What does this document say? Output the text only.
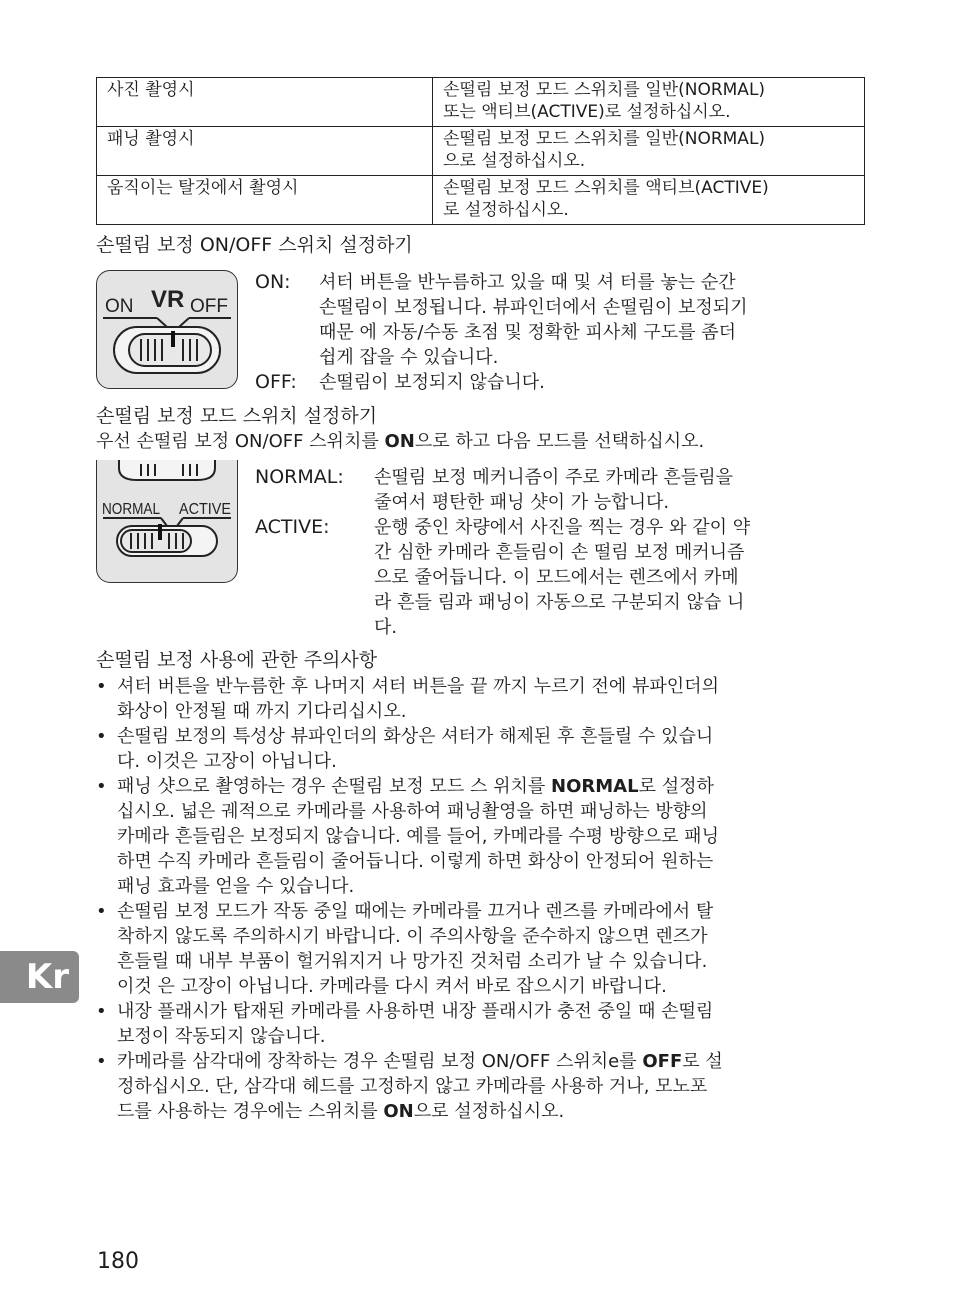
사진 촬영시	손떨림 보정 모드 스위치를 일반(NORMAL)
또는 액티브(ACTIVE)로 설정하십시오.

패닝 촬영시	손떨림 보정 모드 스위치를 일반(NORMAL)
으로 설정하십시오.

움직이는 탈것에서 촬영시	손떨림 보정 모드 스위치를 액티브(ACTIVE)
로 설정하십시오.
손떨림 보정 ON/OFF 스위치 설정하기
ON VR OFF
ON: 셔터 버튼을 반누름하고 있을 때 및 셔 터를 놓는 순간
손떨림이 보정됩니다. 뷰파인더에서 손떨림이 보정되기
때문 에 자동/수동 초점 및 정확한 피사체 구도를 좀더
쉽게 잡을 수 있습니다.
OFF: 손떨림이 보정되지 않습니다.
손떨림 보정 모드 스위치 설정하기
우선 손떨림 보정 ON/OFF 스위치를 ON으로 하고 다음 모드를 선택하십시오.
NORMAL ACTIVE
NORMAL: 손떨림 보정 메커니즘이 주로 카메라 흔들림을
줄여서 평탄한 패닝 샷이 가 능합니다.
ACTIVE: 운행 중인 차량에서 사진을 찍는 경우 와 같이 약
간 심한 카메라 흔들림이 손 떨림 보정 메커니즘
으로 줄어듭니다. 이 모드에서는 렌즈에서 카메
라 흔들 림과 패닝이 자동으로 구분되지 않습 니
다.
손떨림 보정 사용에 관한 주의사항
• 셔터 버튼을 반누름한 후 나머지 셔터 버튼을 끝 까지 누르기 전에 뷰파인더의
화상이 안정될 때 까지 기다리십시오.
• 손떨림 보정의 특성상 뷰파인더의 화상은 셔터가 해제된 후 흔들릴 수 있습니
다. 이것은 고장이 아닙니다.
• 패닝 샷으로 촬영하는 경우 손떨림 보정 모드 스 위치를 NORMAL로 설정하
십시오. 넓은 궤적으로 카메라를 사용하여 패닝촬영을 하면 패닝하는 방향의
카메라 흔들림은 보정되지 않습니다. 예를 들어, 카메라를 수평 방향으로 패닝
하면 수직 카메라 흔들림이 줄어듭니다. 이렇게 하면 화상이 안정되어 원하는
패닝 효과를 얻을 수 있습니다.
• 손떨림 보정 모드가 작동 중일 때에는 카메라를 끄거나 렌즈를 카메라에서 탈
착하지 않도록 주의하시기 바랍니다. 이 주의사항을 준수하지 않으면 렌즈가
흔들릴 때 내부 부품이 헐거워지거 나 망가진 것처럼 소리가 날 수 있습니다.
이것 은 고장이 아닙니다. 카메라를 다시 켜서 바로 잡으시기 바랍니다.
• 내장 플래시가 탑재된 카메라를 사용하면 내장 플래시가 충전 중일 때 손떨림
보정이 작동되지 않습니다.
• 카메라를 삼각대에 장착하는 경우 손떨림 보정 ON/OFF 스위치e를 OFF로 설
정하십시오. 단, 삼각대 헤드를 고정하지 않고 카메라를 사용하 거나, 모노포
드를 사용하는 경우에는 스위치를 ON으로 설정하십시오.
Kr
180
